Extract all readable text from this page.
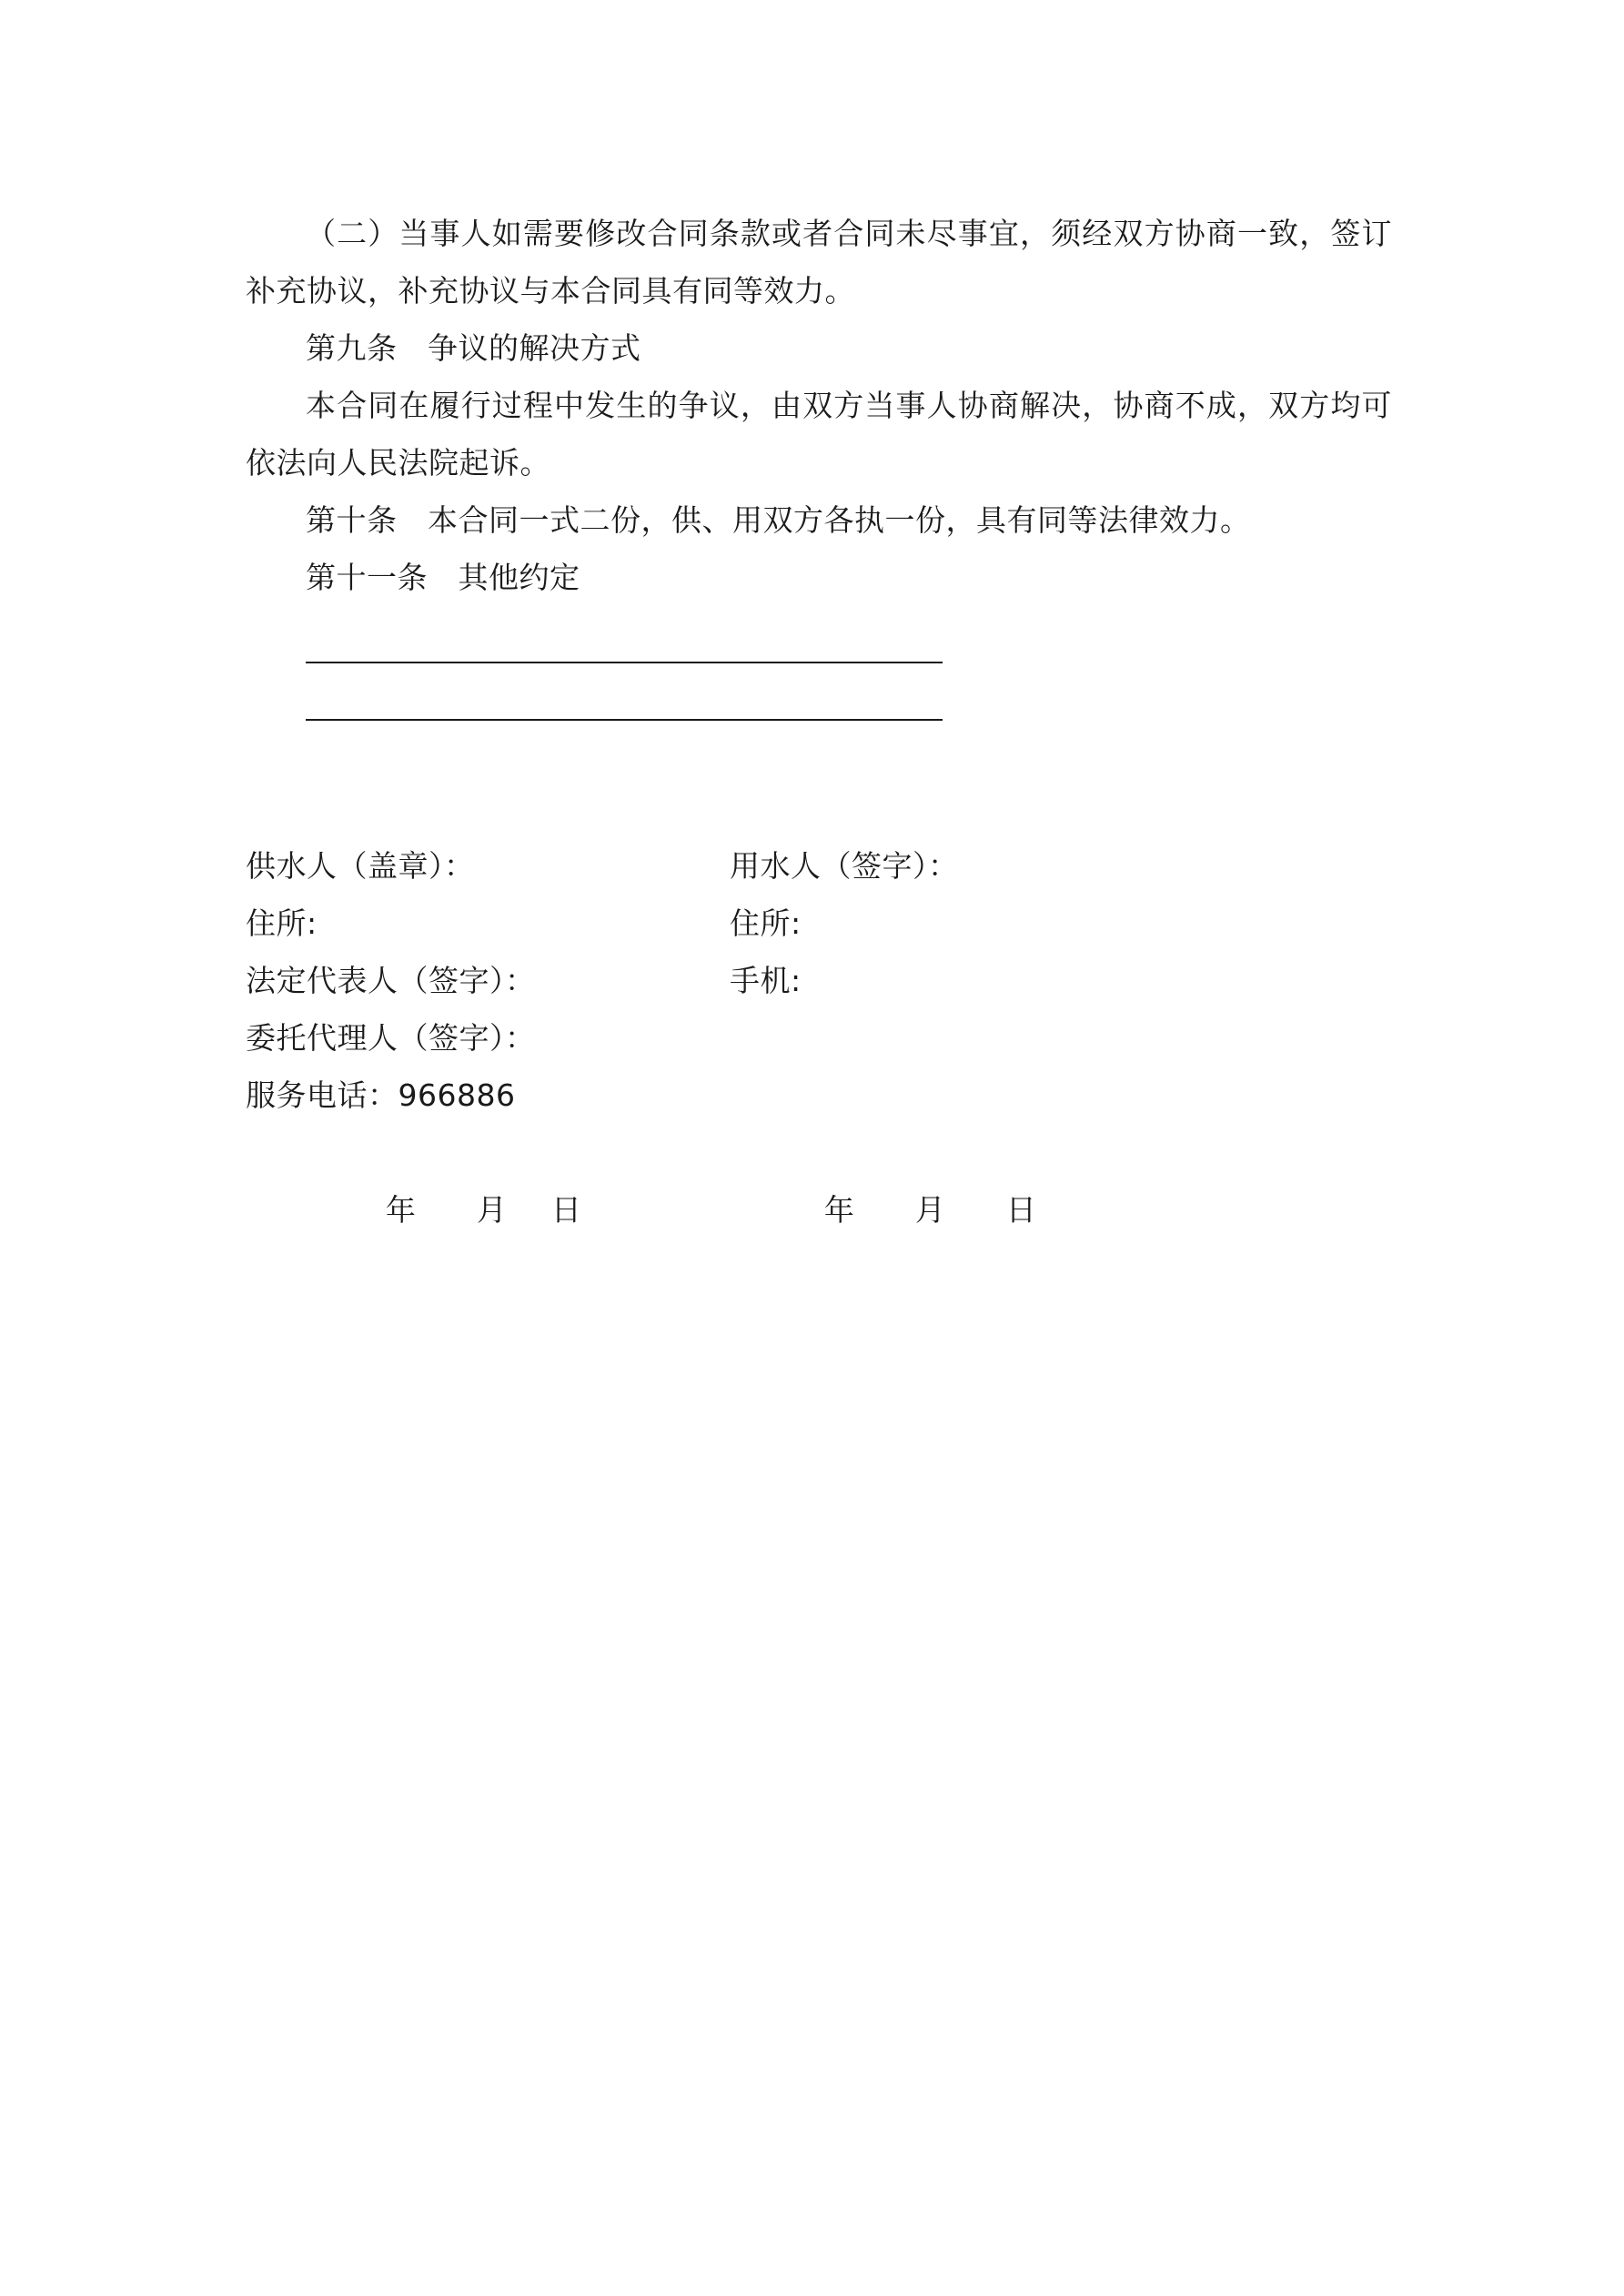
（二）当事人如需要修改合同条款或者合同未尽事宜，须经双方协商一致，签订补充协议，补充协议与本合同具有同等效力。

第九条　争议的解决方式

本合同在履行过程中发生的争议，由双方当事人协商解决，协商不成，双方均可依法向人民法院起诉。

第十条　本合同一式二份，供、用双方各执一份，具有同等法律效力。

第十一条　其他约定

供水人（盖章）：	用水人（签字）：
住所:	住所:
法定代表人（签字）：	手机:
委托代理人（签字）：
服务电话：966886

年 月 日
	年 月 日
